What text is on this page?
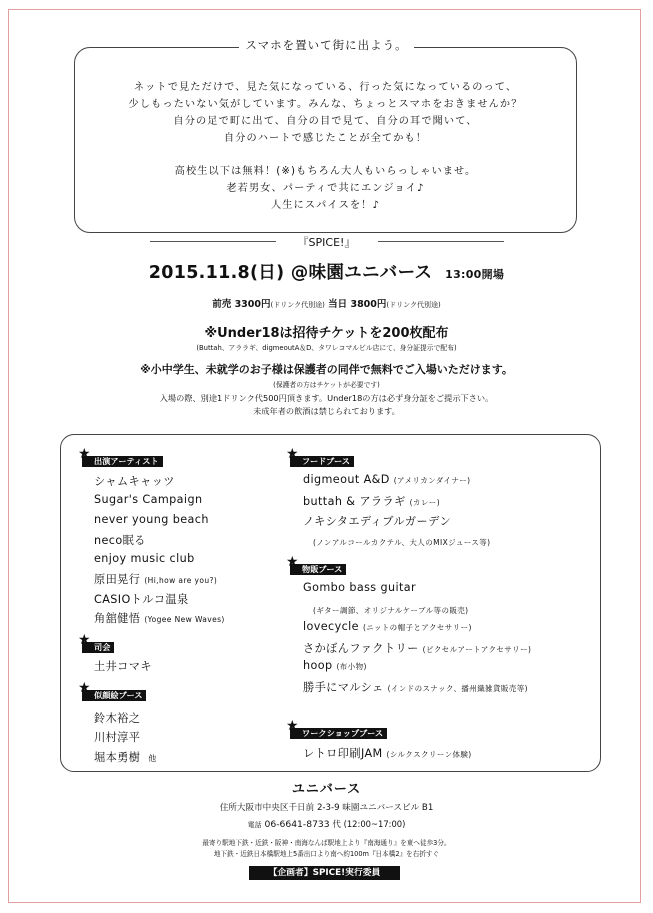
スマホを置いて街に出よう。
ネットで見ただけで、見た気になっている、行った気になっているのって、
少しもったいない気がしています。みんな、ちょっとスマホをおきませんか？
自分の足で町に出て、自分の目で見て、自分の耳で聞いて、
自分のハートで感じたことが全てかも！
高校生以下は無料！(※)もちろん大人もいらっしゃいませ。
老若男女、パーティで共にエンジョイ♪
人生にスパイスを！♪
『SPICE!』
2015.11.8(日) @味園ユニバース 13:00開場
前売 3300円(ドリンク代別途) 当日 3800円(ドリンク代別途)
※Under18は招待チケットを200枚配布
(Buttah、アララギ、digmeoutA＆D、タワレコマルビル店にて、身分証提示で配布)
※小中学生、未就学のお子様は保護者の同伴で無料でご入場いただけます。
(保護者の方はチケットが必要です)
入場の際、別途1ドリンク代500円頂きます。Under18の方は必ず身分証をご提示下さい。
未成年者の飲酒は禁じられております。
★ 出演アーティスト
シャムキャッツ
Sugar's Campaign
never young beach
neco眠る
enjoy music club
原田晃行 (Hi,how are you?)
CASIOトルコ温泉
角舘健悟 (Yogee New Waves)
★ 司会
土井コマキ
★ 似顔絵ブース
鈴木裕之
川村淳平
堀本勇樹 他
★ フードブース
digmeout A&D (アメリカンダイナー)
buttah & アララギ (カレー)
ノキシタエディブルガーデン
(ノンアルコールカクテル、大人のMIXジュース等)
★ 物販ブース
Gombo bass guitar
(ギター調節、オリジナルケーブル等の販売)
lovecycle (ニットの帽子とアクセサリー)
さかぼんファクトリー (ピクセルアートアクセサリー)
hoop (布小物)
勝手にマルシェ (インドのスナック、播州織雑貨販売等)
★ ワークショップブース
レトロ印刷JAM (シルクスクリーン体験)
ユニバース
住所大阪市中央区千日前 2-3-9 味園ユニバースビル B1
電話 06-6641-8733 代 (12:00~17:00)
最寄り駅地下鉄・近鉄・阪神・南海なんば駅地上より『南海通り』を東へ徒歩3分。
地下鉄・近鉄日本橋駅地上5番出口より南へ約100m『日本橋2』を右折すぐ
【企画者】SPICE!実行委員
